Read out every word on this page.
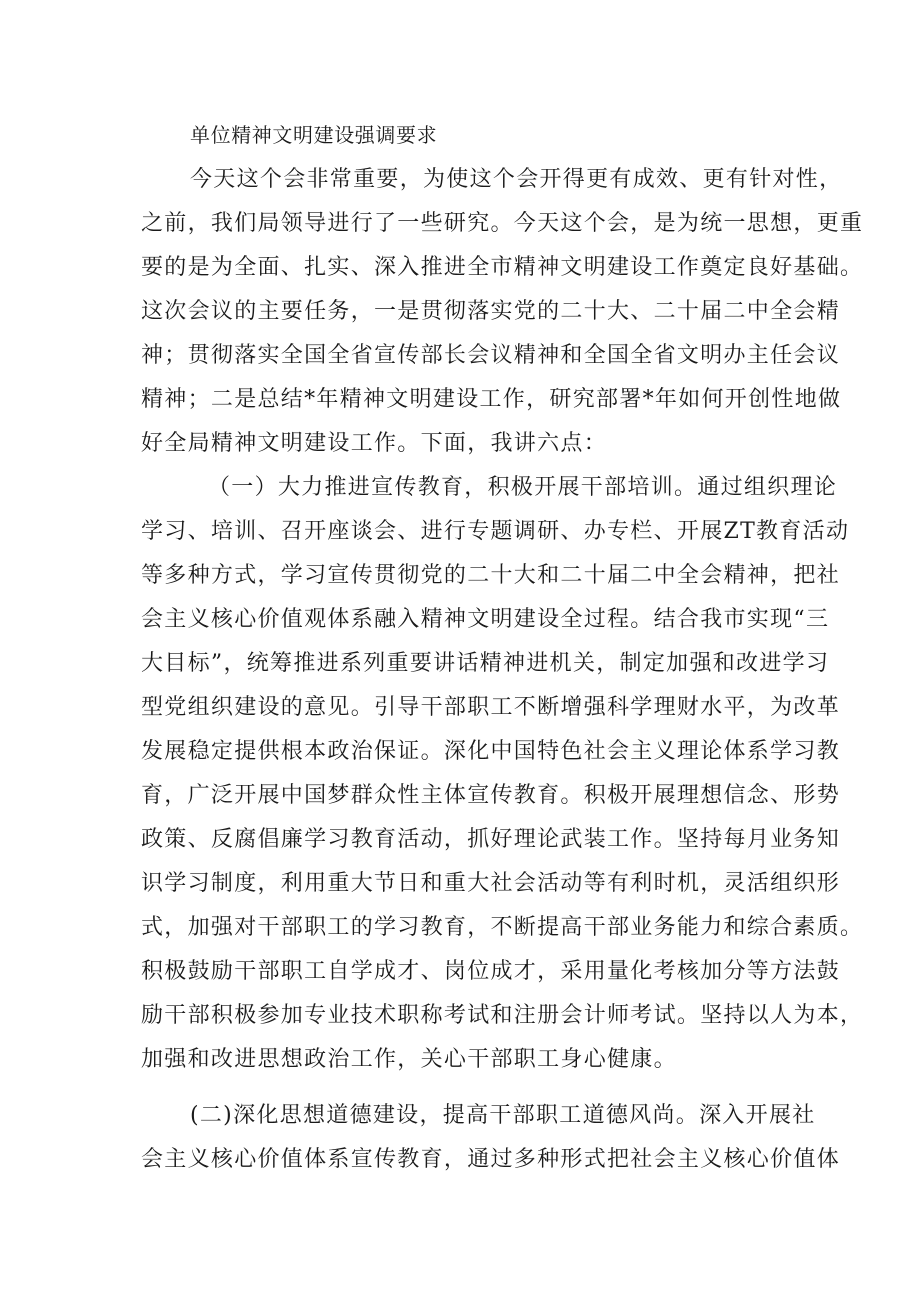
单位精神文明建设强调要求
今天这个会非常重要，为使这个会开得更有成效、更有针对性，
之前，我们局领导进行了一些研究。今天这个会，是为统一思想，更重
要的是为全面、扎实、深入推进全市精神文明建设工作奠定良好基础。
这次会议的主要任务，一是贯彻落实党的二十大、二十届二中全会精
神；贯彻落实全国全省宣传部长会议精神和全国全省文明办主任会议
精神；二是总结*年精神文明建设工作，研究部署*年如何开创性地做
好全局精神文明建设工作。下面，我讲六点：
（一）大力推进宣传教育，积极开展干部培训。通过组织理论
学习、培训、召开座谈会、进行专题调研、办专栏、开展ZT教育活动
等多种方式，学习宣传贯彻党的二十大和二十届二中全会精神，把社
会主义核心价值观体系融入精神文明建设全过程。结合我市实现“三
大目标”，统筹推进系列重要讲话精神进机关，制定加强和改进学习
型党组织建设的意见。引导干部职工不断增强科学理财水平，为改革
发展稳定提供根本政治保证。深化中国特色社会主义理论体系学习教
育，广泛开展中国梦群众性主体宣传教育。积极开展理想信念、形势
政策、反腐倡廉学习教育活动，抓好理论武装工作。坚持每月业务知
识学习制度，利用重大节日和重大社会活动等有利时机，灵活组织形
式，加强对干部职工的学习教育，不断提高干部业务能力和综合素质。
积极鼓励干部职工自学成才、岗位成才，采用量化考核加分等方法鼓
励干部积极参加专业技术职称考试和注册会计师考试。坚持以人为本，
加强和改进思想政治工作，关心干部职工身心健康。
(二)深化思想道德建设，提高干部职工道德风尚。深入开展社
会主义核心价值体系宣传教育，通过多种形式把社会主义核心价值体
